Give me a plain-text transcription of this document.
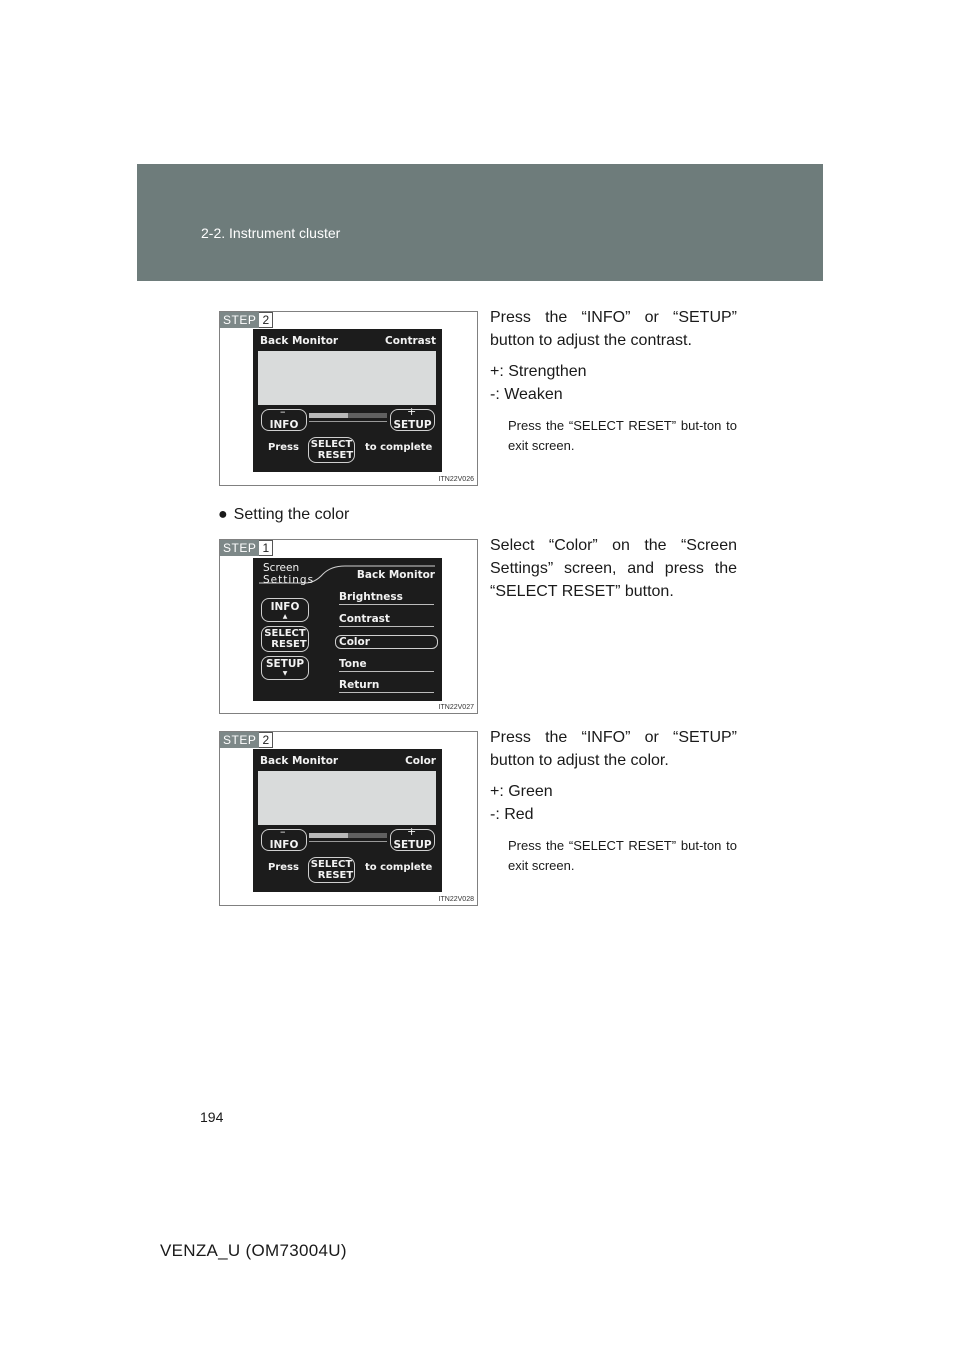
2-2. Instrument cluster
STEP 2
Back Monitor	Contrast
–	+
INFO	SETUP
Press SELECT
RESET
to complete
ITN22V026
Press the “INFO” or “SETUP” button to adjust the contrast.
+: Strengthen
-: Weaken
Press the “SELECT RESET” but-ton to exit screen.
● Setting the color
STEP 1
Screen
Settings	Back Monitor
INFO
▲
SELECT
RESET
SETUP
▼
Brightness
Contrast
Color
Tone
Return
ITN22V027
Select “Color” on the “Screen Settings” screen, and press the “SELECT RESET” button.
STEP 2
Back Monitor	Color
–	+
INFO	SETUP
Press SELECT
RESET
to complete
ITN22V028
Press the “INFO” or “SETUP” button to adjust the color.
+: Green
-: Red
Press the “SELECT RESET” but-ton to exit screen.
194
VENZA_U (OM73004U)
